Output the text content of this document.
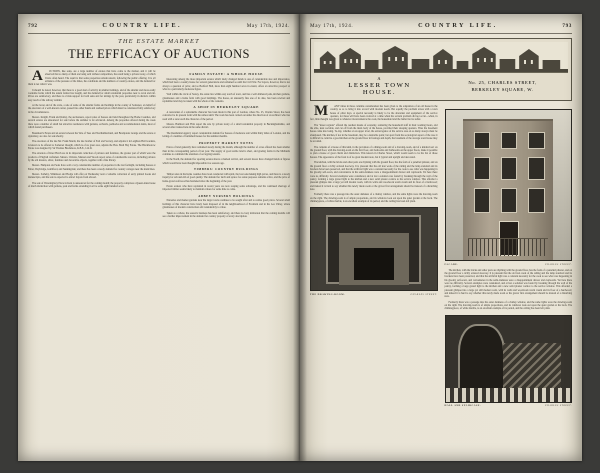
792	COUNTRY LIFE.	May 17th, 1924.
THE ESTATE MARKET
THE EFFICACY OF AUCTIONS

A	UCTIONS, like sales, are a large number of estates that have come to the market, and it will be observed that so many of them are being sold without competition, the result being a private treaty, of which I have often heard. The result is that some properties remain unsold, following the public offering. It is all evidence of the pressure of the times, the conditions and the numbers of country estates, and the demand for them is not what it was.

It should be noted, however, that there is a good deal of activity in smaller holdings, and of the smaller and more easily workable farms which the tenant farmer has bought, and the demand for small residential properties near to town and rail. Prices are satisfactory, and there is a brisk support for both sales and for lettings by the year, particularly in districts within easy reach of the railway termini.

At the lower end of the scale, a sale of some of the smaller farms and holdings in the county of Somerset, on behalf of the executors of a well-known owner, passed into other hands and realised prices which must be considered fully satisfactory in the circumstances.

Messrs. Knight, Frank and Rutley, the auctioneers, report sales of houses and land throughout the Home Counties, and several estates are announced for sale before the summer is far advanced. Among the properties offered during the week there were a number of small but attractive residences with gardens, orchards, paddocks and accommodation lands, most of which found purchasers.

Beaumont's Estate and an estate between the Vale of Tees and Northumberland, and Bromptons Grange and the estate at Aylesbury, are also for sale shortly.

The executors of the late Mr. Frank Marsh, the late brother of Earl and Society, and adjoins it in Leighton Hall Gardens, is known to be offered to Somerset thought, which is of no great area, adjoins the Hon. Basil Hay Estate. The Blackborrow Estate was designed by Sir Thomas Blackmore, K.B.E., Litt.D.

The exteriors of Knot Hatch are in its important collection of pictures and furniture, the greater part of which were the products of English craftsmen. Messrs. Christie, Manson and Woods report sales of considerable success, including pictures by the old masters, silver, furniture and decorative objects, together with a fine library.

Messrs. Hampton and Sons have sold a very considerable number of properties in the last fortnight, including houses at Esher, Weybridge, Guildford, and Sunningdale; and there has been a steady demand for country cottages near the main lines.

Messrs. Sotheby, Wilkinson and Hodge will offer on Wednesday next a valuable collection of early printed books and manuscripts, and the sale is expected to attract buyers from abroad.

The sale of Wateringbury Place in Kent is announced for the coming month; the property comprises a Queen Anne house of much distinction with gardens, park and farms extending in all to some eight hundred acres.

FAMILY ESTATE: A WHOLE HOUSE

Interesting among the more important estates which lately changed hands is one of considerable size and importance, which had been a country house for several generations and remained so until the Civil War. For buyers, however, that is not always a question of price; and so Bedford Hall, more than eight hundred acres in extent, offers an attractive prospect at what is a particularly moderate figure.

Well within the circle of Surrey, the estate lies within easy reach of town, and has a well-timbered park, kitchen gardens, glasshouses and a home farm with good buildings. The house, an unusually fine one of its date, has been rewired and replumbed and may be taken with the whole of the contents.

A SHOP IN BERKELEY SQUARE

A restoration of a remarkable character has been made in this part of London, where No. 25, Charles Street, has been converted to its present form with the utmost skill. The work has been carried out under the direction of an architect who has used with a sure touch the character of the period.

Messrs. Humbert and Flint report the sale by private treaty of a small residential property in Buckinghamshire, and several other transactions in the same district.

The Residential Agency report considerable demand for houses of moderate rent within thirty miles of London, and the letting of a number of furnished houses for the summer months.

PROPERTY MARKET NOTES

Prices of land generally have remained steady during the month, although the number of acres offered has been smaller than in the corresponding period of last year. The supply of good arable land is short, and grazing farms in the Midlands continue to command the attention of occupying tenants.

In the North, the demand for sporting estates shows a marked revival, and several moors have changed hands at figures which would have been thought impossible two seasons ago.

TIMBERS: COUNTRY BUILDINGS

Timber sales in the home counties have been conducted with spirit, the best oak making high prices, and there is a steady inquiry for ash and elm of good quality. The demand for larch and spruce for estate purposes remains active, and the price of home-grown softwood has hardened since the beginning of the year.

Estate owners who have replanted in recent years are now reaping some advantage, and the continued shortage of imported timber seems likely to maintain values for some time to come.

ABBEY NURSERY HOLDINGS

Nurseries and market gardens near the larger towns continue to be sought after and to realise good prices. Several small holdings of this character have lately been disposed of in the neighbourhood of Evesham and in the Lea Valley, where glasshouses of modern construction add considerably to value.

Taken as a whole, the season's business has been satisfactory, and there is every indication that the coming months will see a further improvement in the demand for country property of every description.

May 17th, 1924.	COUNTRY LIFE.	793
A
LESSER TOWN
HOUSE.
No. 25, CHARLES STREET,
BERKELEY SQUARE, W.

M	ANY times in these columns consideration has been given to the adaptation of an old house in the country so as to bring it into accord with modern needs. But equally the problem arises with a town house of other days. A special necessity is likely to be the alteration and equipment of the service quarters, for these will have been evolved at a time when the servant problem did not occur—when, in fact, little thought was given to whatever inconvenience the cook, the housemaid and the butler had to suffer.

The "lesser regions" offered the readiest means of economy, rendering the household staff in their working hours, and the able, least sociable, and cut off from the main body of the house, provided their sleeping quarters. Thus the basement house came into being. To-day, whether on an upper level, the extravagance of the service area on so many storeys must be abandoned. The kitchen, if not in the basement, may be a desirable point; but apart from the sociological aspect of the case it is difficult to contrive a good kitchen on the ground floor in frontage and depth, the basement of the average town house may be avoided.

The contents of a house of this kind, in the provision of a dining-room and of a drawing-room, and of a kindred sort on the ground floor, with the drawing-room on the first floor, and bedrooms and bathrooms on the upper floors, make it possible to plan a house of great charm and distinction. This known in Charles Street, which would seem to be the list of those houses. The appearance of the front is of no great modern note, but it typical and upright and decorated.

The kitchen, with the bricks and other parts are rhyming with the ground floor, has the form of a panelled pilaster, and on the ground floor a richly ordered doorway. It is pleasant that the old iron work of the railing and the lamp standard and its brackets have been preserved, and that the artificial light was a constant necessity for the cook to see what was happening in his gloomy self-sown, and convenience in the semi-darkness were a disappointment drawer and cupboards. Yet here there were no difficulty. Several examples were considered, and at last a solution was found by breaking through the wall of the pantry, forming a large grated light to the kitchen and a new solid plaster cornice to the service window. This afforded a pleasant glimpse into a large yet still modest room, with its walls and woodwork warm cream and its floor of a hardwood; and indeed it is hard to say whether this newly made room or the graver first arrangement should be instead of a disturbing note.

Formerly there was a passage into the outer darkness of a clumsy window, and the same lights were the drawing-room on the right. The drawing-room is of ample proportions, and its windows look out upon the quiet garden at the back. The chimneypiece, of white marble, is an excellent example of its period, and the ceiling has been left plain.

THE DRAWING-ROOM.	CHARLES STREET.
FACADE.	CHARLES STREET.

The kitchen, with the bricks and other parts are rhyming with the ground floor, has the form of a panelled pilaster, and on the ground floor a richly ordered doorway. It is pleasant that the old iron work of the railing and the lamp standard and its brackets have been preserved, and that the artificial light was a constant necessity for the cook to see what was happening in his gloomy self-sown, and convenience in the semi-darkness were a disappointment drawer and cupboards. Yet here there were no difficulty. Several examples were considered, and at last a solution was found by breaking through the wall of the pantry, forming a large grated light to the kitchen and a new solid plaster cornice to the service window. This afforded a pleasant glimpse into a large yet still modest room, with its walls and woodwork warm cream and its floor of a hardwood; and indeed it is hard to say whether this newly made room or the graver first arrangement should be instead of a disturbing note.

Formerly there was a passage into the outer darkness of a clumsy window, and the same lights were the drawing-room on the right. The drawing-room is of ample proportions, and its windows look out upon the quiet garden at the back. The chimneypiece, of white marble, is an excellent example of its period, and the ceiling has been left plain.

HALL AND STAIRCASE.	CHARLES STREET.
